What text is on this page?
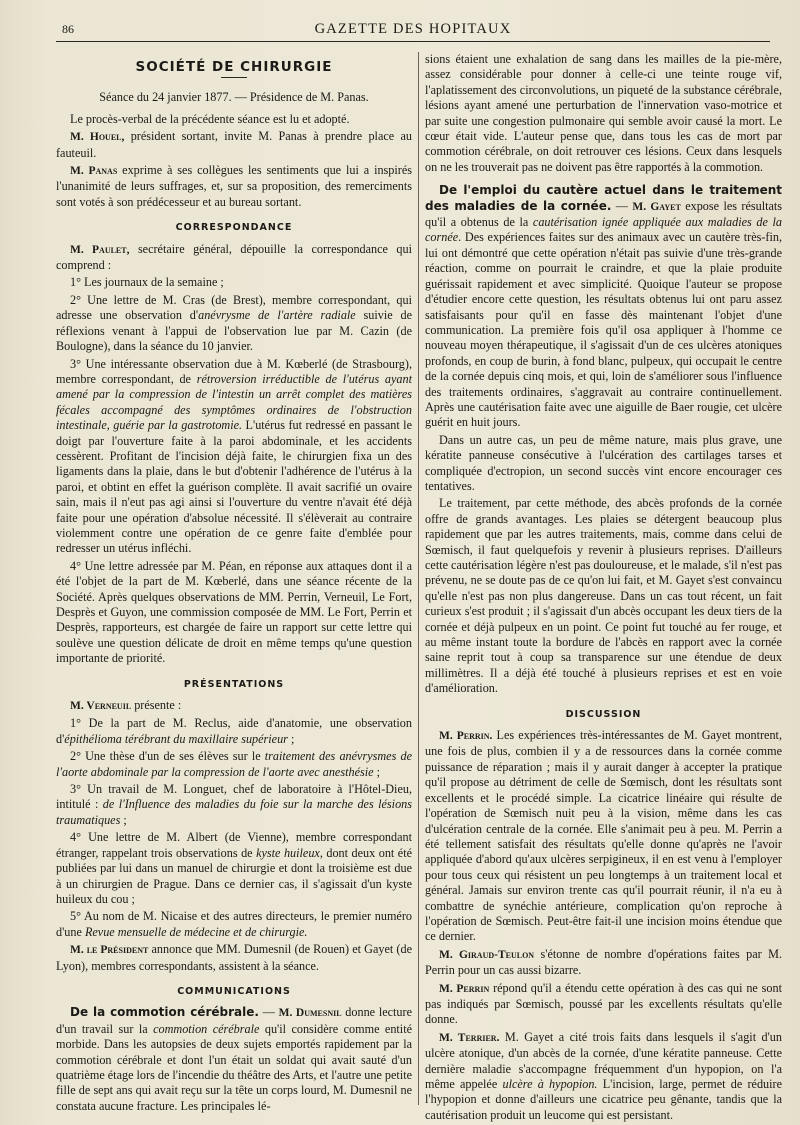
86	GAZETTE DES HOPITAUX
SOCIÉTÉ DE CHIRURGIE

Séance du 24 janvier 1877. — Présidence de M. Panas.

Le procès-verbal de la précédente séance est lu et adopté.

M. Houel, président sortant, invite M. Panas à prendre place au fauteuil.

M. Panas exprime à ses collègues les sentiments que lui a inspirés l'unanimité de leurs suffrages, et, sur sa proposition, des remerciments sont votés à son prédécesseur et au bureau sortant.

CORRESPONDANCE

M. Paulet, secrétaire général, dépouille la correspondance qui comprend :

1° Les journaux de la semaine ;

2° Une lettre de M. Cras (de Brest), membre correspondant, qui adresse une observation d'anévrysme de l'artère radiale suivie de réflexions venant à l'appui de l'observation lue par M. Cazin (de Boulogne), dans la séance du 10 janvier.

3° Une intéressante observation due à M. Kœberlé (de Strasbourg), membre correspondant, de rétroversion irréductible de l'utérus ayant amené par la compression de l'intestin un arrêt complet des matières fécales accompagné des symptômes ordinaires de l'obstruction intestinale, guérie par la gastrotomie. L'utérus fut redressé en passant le doigt par l'ouverture faite à la paroi abdominale, et les accidents cessèrent. Profitant de l'incision déjà faite, le chirurgien fixa un des ligaments dans la plaie, dans le but d'obtenir l'adhérence de l'utérus à la paroi, et obtint en effet la guérison complète. Il avait sacrifié un ovaire sain, mais il n'eut pas agi ainsi si l'ouverture du ventre n'avait été déjà faite pour une opération d'absolue nécessité. Il s'élèverait au contraire violemment contre une opération de ce genre faite d'emblée pour redresser un utérus infléchi.

4° Une lettre adressée par M. Péan, en réponse aux attaques dont il a été l'objet de la part de M. Kœberlé, dans une séance récente de la Société. Après quelques observations de MM. Perrin, Verneuil, Le Fort, Desprès et Guyon, une commission composée de MM. Le Fort, Perrin et Desprès, rapporteurs, est chargée de faire un rapport sur cette lettre qui soulève une question délicate de droit en même temps qu'une question importante de priorité.

PRÉSENTATIONS

M. Verneuil présente :

1° De la part de M. Reclus, aide d'anatomie, une observation d'épithélioma térébrant du maxillaire supérieur ;

2° Une thèse d'un de ses élèves sur le traitement des anévrysmes de l'aorte abdominale par la compression de l'aorte avec anesthésie ;

3° Un travail de M. Longuet, chef de laboratoire à l'Hôtel-Dieu, intitulé : de l'Influence des maladies du foie sur la marche des lésions traumatiques ;

4° Une lettre de M. Albert (de Vienne), membre correspondant étranger, rappelant trois observations de kyste huileux, dont deux ont été publiées par lui dans un manuel de chirurgie et dont la troisième est due à un chirurgien de Prague. Dans ce dernier cas, il s'agissait d'un kyste huileux du cou ;

5° Au nom de M. Nicaise et des autres directeurs, le premier numéro d'une Revue mensuelle de médecine et de chirurgie.

M. le Président annonce que MM. Dumesnil (de Rouen) et Gayet (de Lyon), membres correspondants, assistent à la séance.

COMMUNICATIONS

De la commotion cérébrale. — M. Dumesnil donne lecture d'un travail sur la commotion cérébrale qu'il considère comme entité morbide. Dans les autopsies de deux sujets emportés rapidement par la commotion cérébrale et dont l'un était un soldat qui avait sauté d'un quatrième étage lors de l'incendie du théâtre des Arts, et l'autre une petite fille de sept ans qui avait reçu sur la tête un corps lourd, M. Dumesnil ne constata aucune fracture. Les principales lé-

sions étaient une exhalation de sang dans les mailles de la pie-mère, assez considérable pour donner à celle-ci une teinte rouge vif, l'aplatissement des circonvolutions, un piqueté de la substance cérébrale, lésions ayant amené une perturbation de l'innervation vaso-motrice et par suite une congestion pulmonaire qui semble avoir causé la mort. Le cœur était vide. L'auteur pense que, dans tous les cas de mort par commotion cérébrale, on doit retrouver ces lésions. Ceux dans lesquels on ne les trouverait pas ne doivent pas être rapportés à la commotion.

De l'emploi du cautère actuel dans le traitement des maladies de la cornée. — M. Gayet expose les résultats qu'il a obtenus de la cautérisation ignée appliquée aux maladies de la cornée. Des expériences faites sur des animaux avec un cautère très-fin, lui ont démontré que cette opération n'était pas suivie d'une très-grande réaction, comme on pourrait le craindre, et que la plaie produite guérissait rapidement et avec simplicité. Quoique l'auteur se propose d'étudier encore cette question, les résultats obtenus lui ont paru assez satisfaisants pour qu'il en fasse dès maintenant l'objet d'une communication. La première fois qu'il osa appliquer à l'homme ce nouveau moyen thérapeutique, il s'agissait d'un de ces ulcères atoniques profonds, en coup de burin, à fond blanc, pulpeux, qui occupait le centre de la cornée depuis cinq mois, et qui, loin de s'améliorer sous l'influence des traitements ordinaires, s'aggravait au contraire continuellement. Après une cautérisation faite avec une aiguille de Baer rougie, cet ulcère guérit en huit jours.

Dans un autre cas, un peu de même nature, mais plus grave, une kératite panneuse consécutive à l'ulcération des cartilages tarses et compliquée d'ectropion, un second succès vint encore encourager ces tentatives.

Le traitement, par cette méthode, des abcès profonds de la cornée offre de grands avantages. Les plaies se détergent beaucoup plus rapidement que par les autres traitements, mais, comme dans celui de Sœmisch, il faut quelquefois y revenir à plusieurs reprises. D'ailleurs cette cautérisation légère n'est pas douloureuse, et le malade, s'il n'est pas prévenu, ne se doute pas de ce qu'on lui fait, et M. Gayet s'est convaincu qu'elle n'est pas non plus dangereuse. Dans un cas tout récent, un fait curieux s'est produit ; il s'agissait d'un abcès occupant les deux tiers de la cornée et déjà pulpeux en un point. Ce point fut touché au fer rouge, et au même instant toute la bordure de l'abcès en rapport avec la cornée saine reprit tout à coup sa transparence sur une étendue de deux millimètres. Il a déjà été touché à plusieurs reprises et est en voie d'amélioration.

DISCUSSION

M. Perrin. Les expériences très-intéressantes de M. Gayet montrent, une fois de plus, combien il y a de ressources dans la cornée comme puissance de réparation ; mais il y aurait danger à accepter la pratique qu'il propose au détriment de celle de Sœmisch, dont les résultats sont excellents et le procédé simple. La cicatrice linéaire qui résulte de l'opération de Sœmisch nuit peu à la vision, même dans les cas d'ulcération centrale de la cornée. Elle s'animait peu à peu. M. Perrin a été tellement satisfait des résultats qu'elle donne qu'après ne l'avoir appliquée d'abord qu'aux ulcères serpigineux, il en est venu à l'employer pour tous ceux qui résistent un peu longtemps à un traitement local et général. Jamais sur environ trente cas qu'il pourrait réunir, il n'a eu à combattre de synéchie antérieure, complication qu'on reproche à l'opération de Sœmisch. Peut-être fait-il une incision moins étendue que ce dernier.

M. Giraud-Teulon s'étonne de nombre d'opérations faites par M. Perrin pour un cas aussi bizarre.

M. Perrin répond qu'il a étendu cette opération à des cas qui ne sont pas indiqués par Sœmisch, poussé par les excellents résultats qu'elle donne.

M. Terrier. M. Gayet a cité trois faits dans lesquels il s'agit d'un ulcère atonique, d'un abcès de la cornée, d'une kératite panneuse. Cette dernière maladie s'accompagne fréquemment d'un hypopion, on l'a même appelée ulcère à hypopion. L'incision, large, permet de réduire l'hypopion et donne d'ailleurs une cicatrice peu gênante, tandis que la cautérisation produit un leucome qui est persistant.
